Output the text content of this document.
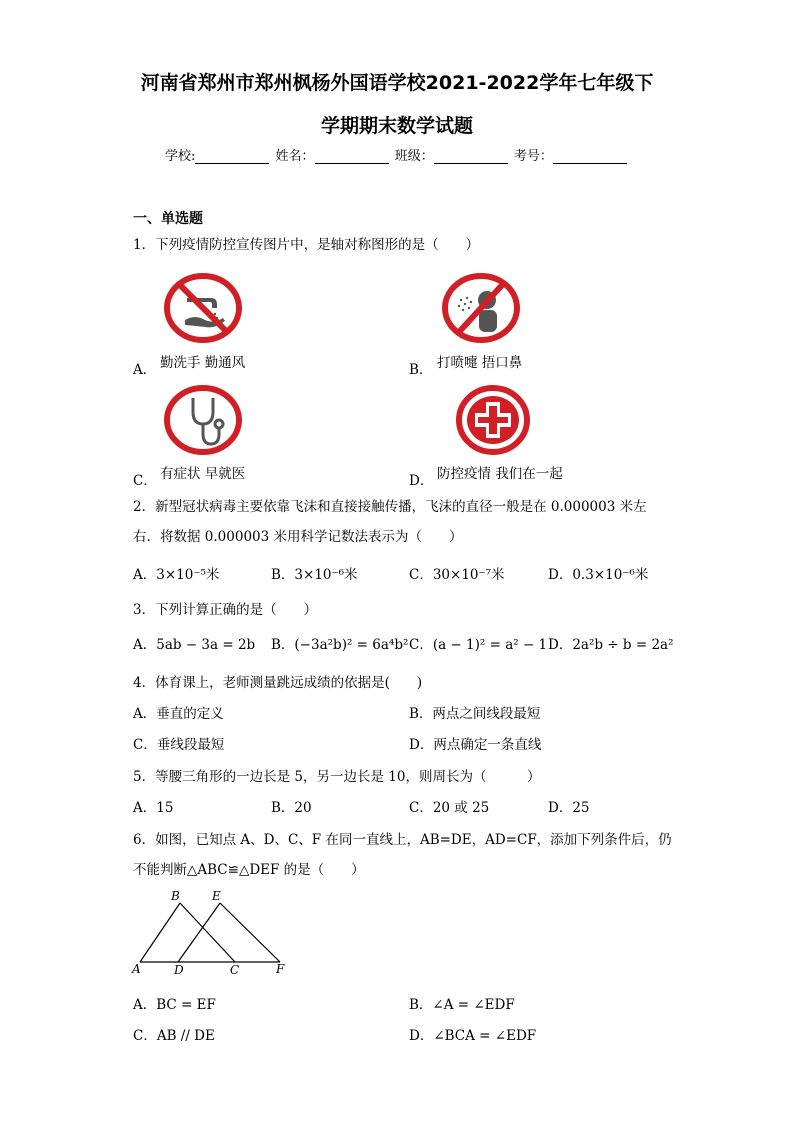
河南省郑州市郑州枫杨外国语学校2021-2022学年七年级下
学期期末数学试题
学校:	姓名：	班级：	考号：
一、单选题
1．下列疫情防控宣传图片中，是轴对称图形的是（　　）
A． 勤洗手 勤通风	B． 打喷嚏 捂口鼻
C． 有症状 早就医	D． 防控疫情 我们在一起
2．新型冠状病毒主要依靠飞沫和直接接触传播，飞沫的直径一般是在 0.000003 米左
右．将数据 0.000003 米用科学记数法表示为（　　）
A．3×10⁻⁵米	B．3×10⁻⁶米	C．30×10⁻⁷米	D．0.3×10⁻⁶米
3．下列计算正确的是（　　）
A．5ab − 3a = 2b B．(−3a²b)² = 6a⁴b² C．(a − 1)² = a² − 1 D．2a²b ÷ b = 2a²
4．体育课上，老师测量跳远成绩的依据是(　　)
A．垂直的定义	B．两点之间线段最短
C．垂线段最短	D．两点确定一条直线
5．等腰三角形的一边长是 5，另一边长是 10，则周长为（　　　）
A．15	B．20	C．20 或 25	D．25
6．如图，已知点 A、D、C、F 在同一直线上，AB=DE，AD=CF，添加下列条件后，仍
不能判断△ABC≌△DEF 的是（　　）
A
B
C
D
E
F
A．BC = EF	B．∠A = ∠EDF
C．AB // DE	D．∠BCA = ∠EDF
